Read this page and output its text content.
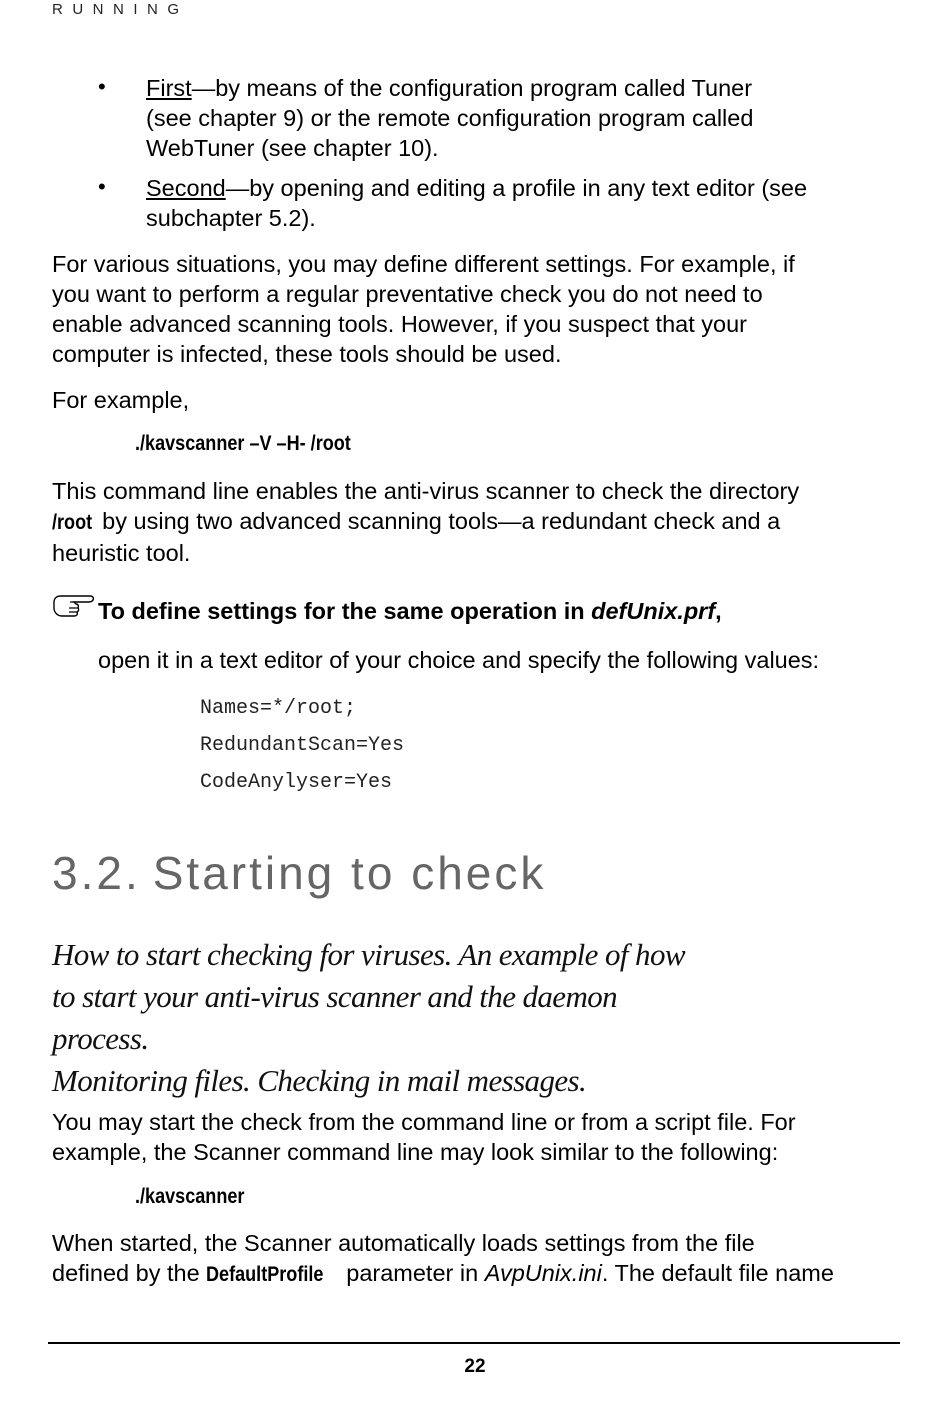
RUNNING
• First—by means of the configuration program called Tuner
(see chapter 9) or the remote configuration program called
WebTuner (see chapter 10).
• Second—by opening and editing a profile in any text editor (see
subchapter 5.2).
For various situations, you may define different settings. For example, if
you want to perform a regular preventative check you do not need to
enable advanced scanning tools. However, if you suspect that your
computer is infected, these tools should be used.
For example,
./kavscanner –V –H- /root
This command line enables the anti-virus scanner to check the directory
/root by using two advanced scanning tools—a redundant check and a
heuristic tool.
To define settings for the same operation in defUnix.prf,
open it in a text editor of your choice and specify the following values:
Names=*/root;
RedundantScan=Yes
CodeAnylyser=Yes
3.2. Starting to check
How to start checking for viruses. An example of how
to start your anti-virus scanner and the daemon process.
Monitoring files. Checking in mail messages.
You may start the check from the command line or from a script file. For
example, the Scanner command line may look similar to the following:
./kavscanner
When started, the Scanner automatically loads settings from the file
defined by the DefaultProfile parameter in AvpUnix.ini. The default file name
22
